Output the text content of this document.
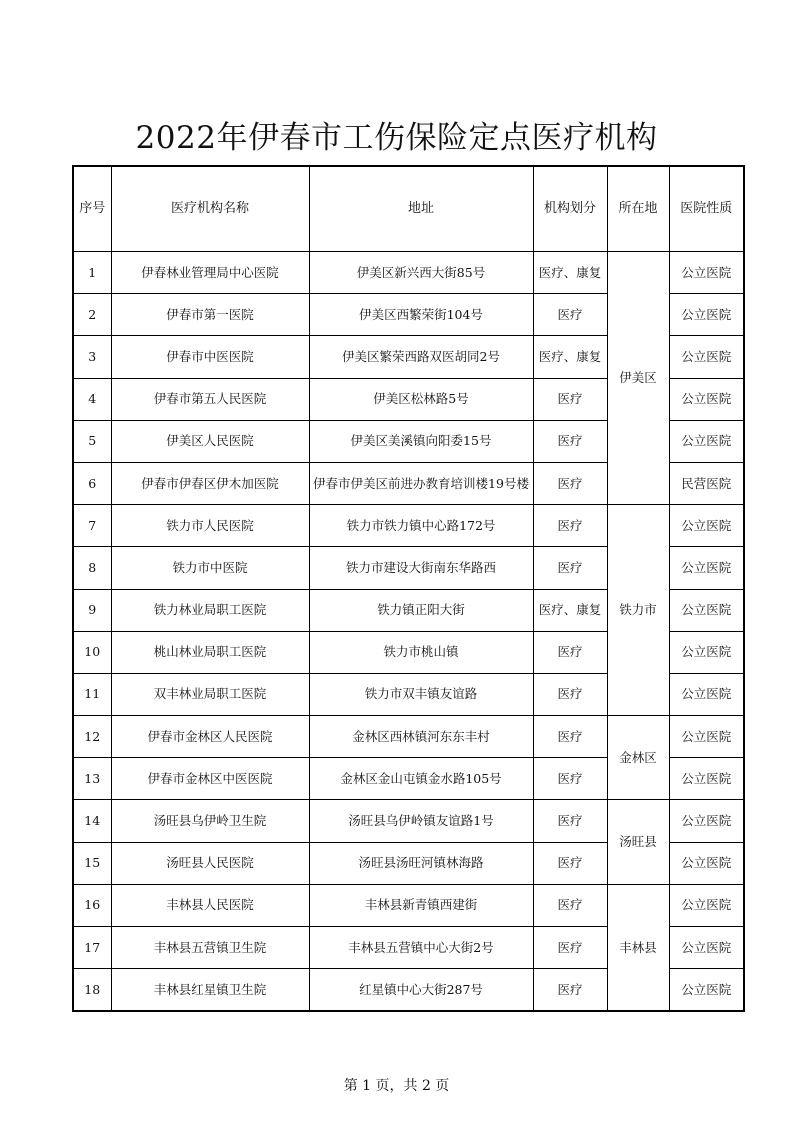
2022年伊春市工伤保险定点医疗机构
序号	医疗机构名称	地址	机构划分	所在地	医院性质
1	伊春林业管理局中心医院	伊美区新兴西大街85号	医疗、康复	伊美区	公立医院
2	伊春市第一医院	伊美区西繁荣街104号	医疗		公立医院
3	伊春市中医医院	伊美区繁荣西路双医胡同2号	医疗、康复		公立医院
4	伊春市第五人民医院	伊美区松林路5号	医疗		公立医院
5	伊美区人民医院	伊美区美溪镇向阳委15号	医疗		公立医院
6	伊春市伊春区伊木加医院	伊春市伊美区前进办教育培训楼19号楼	医疗		民营医院
7	铁力市人民医院	铁力市铁力镇中心路172号	医疗	铁力市	公立医院
8	铁力市中医院	铁力市建设大街南东华路西	医疗		公立医院
9	铁力林业局职工医院	铁力镇正阳大街	医疗、康复		公立医院
10	桃山林业局职工医院	铁力市桃山镇	医疗		公立医院
11	双丰林业局职工医院	铁力市双丰镇友谊路	医疗		公立医院
12	伊春市金林区人民医院	金林区西林镇河东东丰村	医疗	金林区	公立医院
13	伊春市金林区中医医院	金林区金山屯镇金水路105号	医疗		公立医院
14	汤旺县乌伊岭卫生院	汤旺县乌伊岭镇友谊路1号	医疗	汤旺县	公立医院
15	汤旺县人民医院	汤旺县汤旺河镇林海路	医疗		公立医院
16	丰林县人民医院	丰林县新青镇西建街	医疗	丰林县	公立医院
17	丰林县五营镇卫生院	丰林县五营镇中心大街2号	医疗		公立医院
18	丰林县红星镇卫生院	红星镇中心大街287号	医疗		公立医院
第 1 页，共 2 页
